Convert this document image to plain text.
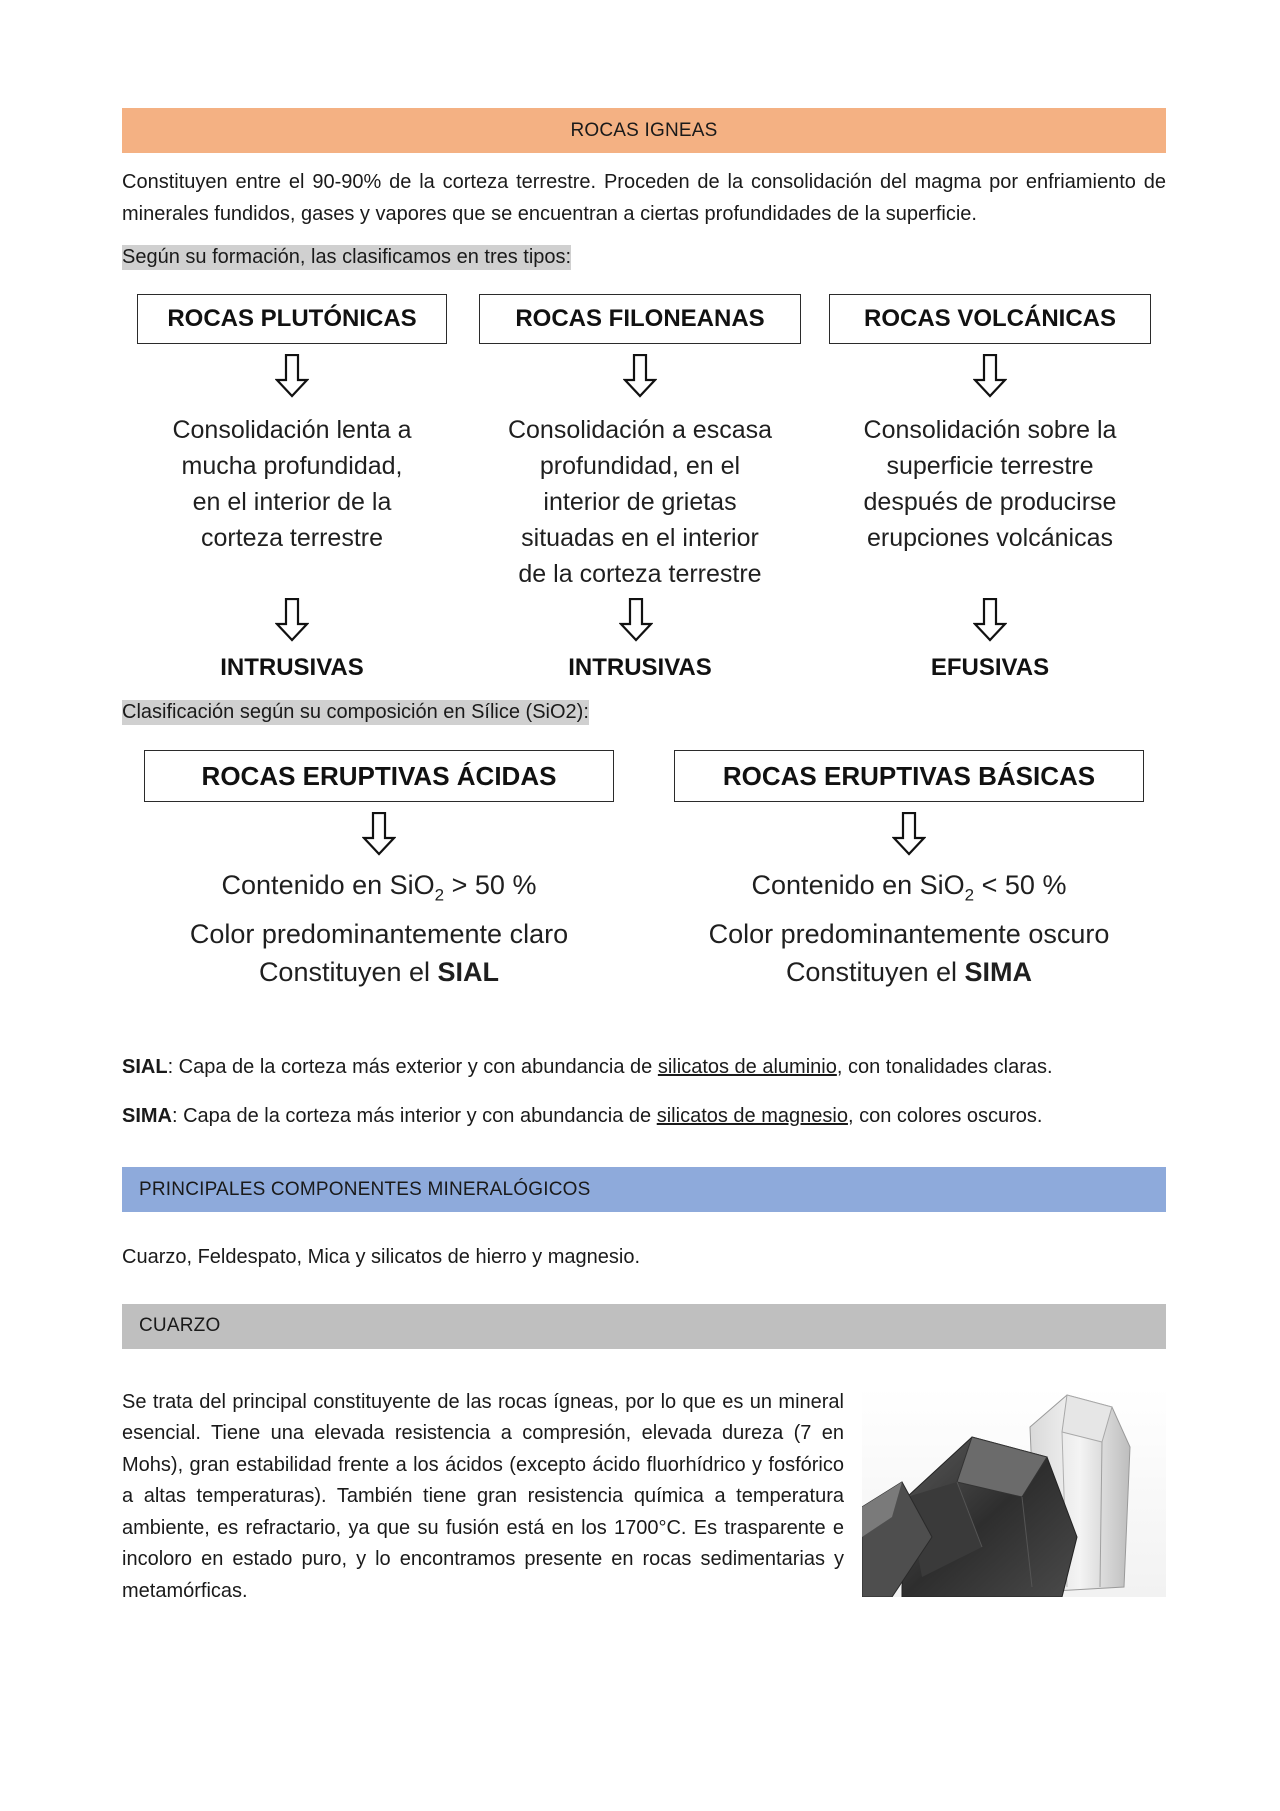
ROCAS IGNEAS

Constituyen entre el 90-90% de la corteza terrestre. Proceden de la consolidación del magma por enfriamiento de minerales fundidos, gases y vapores que se encuentran a ciertas profundidades de la superficie.

Según su formación, las clasificamos en tres tipos:

ROCAS PLUTÓNICAS
Consolidación lenta a
mucha profundidad,
en el interior de la
corteza terrestre
INTRUSIVAS
ROCAS FILONEANAS
Consolidación a escasa
profundidad, en el
interior de grietas
situadas en el interior
de la corteza terrestre
INTRUSIVAS
ROCAS VOLCÁNICAS
Consolidación sobre la
superficie terrestre
después de producirse
erupciones volcánicas
EFUSIVAS

Clasificación según su composición en Sílice (SiO2):

ROCAS ERUPTIVAS ÁCIDAS
Contenido en SiO$_2$ > 50 %
Color predominantemente claro
Constituyen el SIAL
ROCAS ERUPTIVAS BÁSICAS
Contenido en SiO$_2$ < 50 %
Color predominantemente oscuro
Constituyen el SIMA

SIAL: Capa de la corteza más exterior y con abundancia de silicatos de aluminio, con tonalidades claras.

SIMA: Capa de la corteza más interior y con abundancia de silicatos de magnesio, con colores oscuros.

PRINCIPALES COMPONENTES MINERALÓGICOS

Cuarzo, Feldespato, Mica y silicatos de hierro y magnesio.

CUARZO

Se trata del principal constituyente de las rocas ígneas, por lo que es un mineral esencial. Tiene una elevada resistencia a compresión, elevada dureza (7 en Mohs), gran estabilidad frente a los ácidos (excepto ácido fluorhídrico y fosfórico a altas temperaturas). También tiene gran resistencia química a temperatura ambiente, es refractario, ya que su fusión está en los 1700°C. Es trasparente e incoloro en estado puro, y lo encontramos presente en rocas sedimentarias y metamórficas.
